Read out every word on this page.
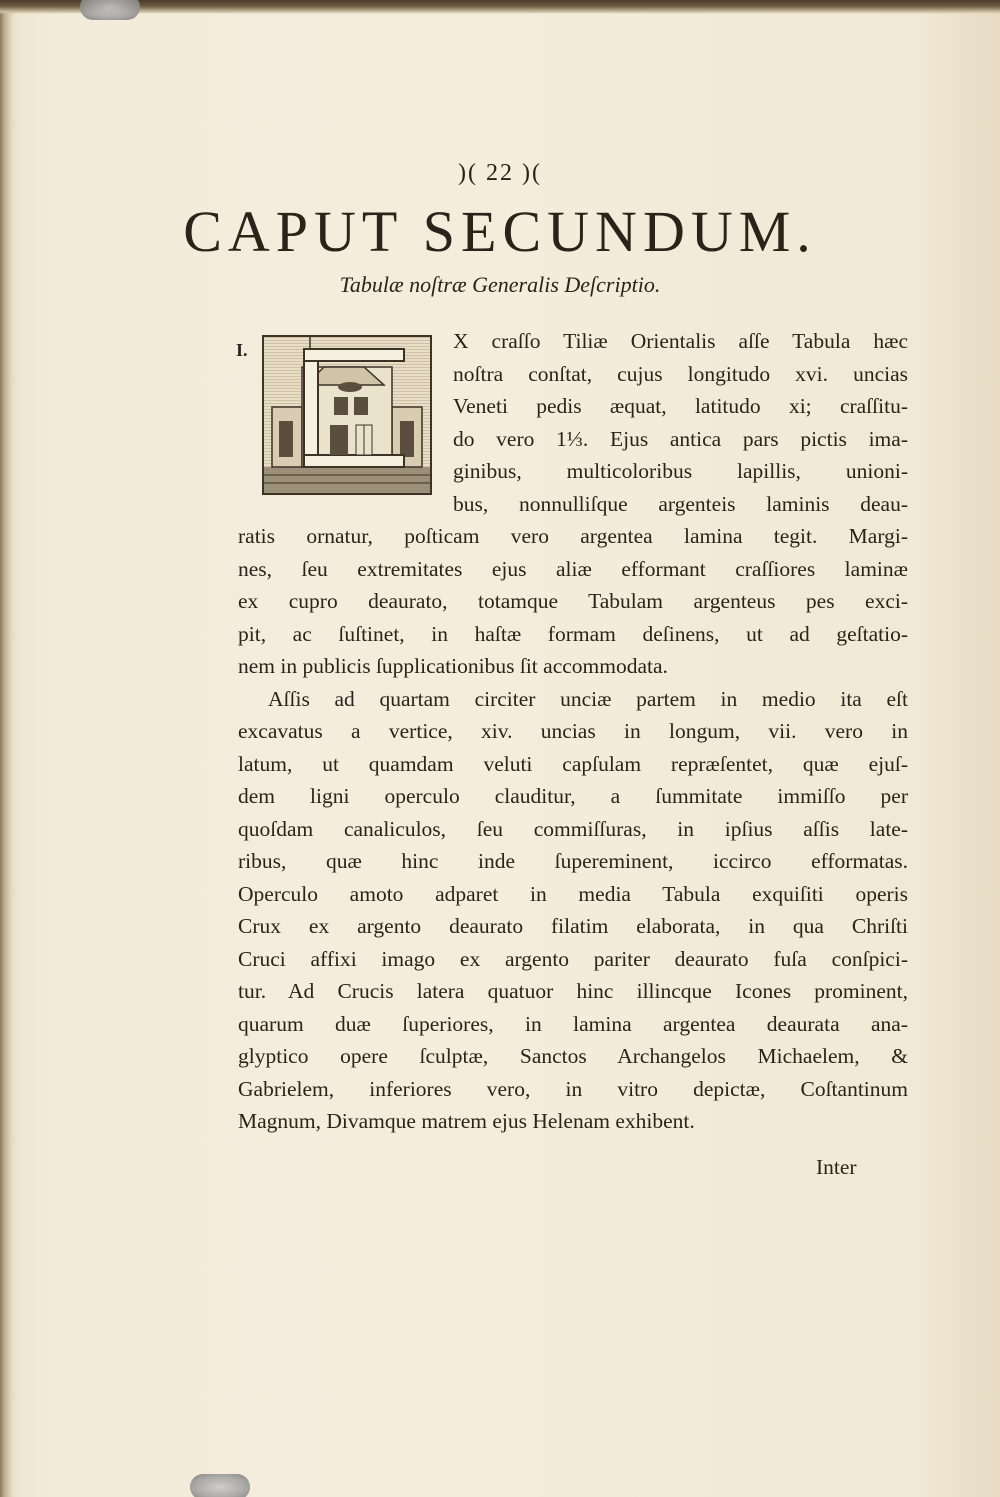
)( 22 )(
CAPUT SECUNDUM.
Tabulæ noſtræ Generalis Deſcriptio.
I.	X craſſo Tiliæ Orientalis aſſe Tabula hæc
noſtra conſtat, cujus longitudo xvi. uncias
Veneti pedis æquat, latitudo xi; craſſitu-
do vero 1⅓. Ejus antica pars pictis ima-
ginibus, multicoloribus lapillis, unioni-
bus, nonnulliſque argenteis laminis deau-
ratis ornatur, poſticam vero argentea lamina tegit. Margi-
nes, ſeu extremitates ejus aliæ efformant craſſiores laminæ
ex cupro deaurato, totamque Tabulam argenteus pes exci-
pit, ac ſuſtinet, in haſtæ formam deſinens, ut ad geſtatio-
nem in publicis ſupplicationibus ſit accommodata.
Aſſis ad quartam circiter unciæ partem in medio ita eſt
excavatus a vertice, xiv. uncias in longum, vii. vero in
latum, ut quamdam veluti capſulam repræſentet, quæ ejuſ-
dem ligni operculo clauditur, a ſummitate immiſſo per
quoſdam canaliculos, ſeu commiſſuras, in ipſius aſſis late-
ribus, quæ hinc inde ſupereminent, iccirco efformatas.
Operculo amoto adparet in media Tabula exquiſiti operis
Crux ex argento deaurato filatim elaborata, in qua Chriſti
Cruci affixi imago ex argento pariter deaurato fuſa conſpici-
tur. Ad Crucis latera quatuor hinc illincque Icones prominent,
quarum duæ ſuperiores, in lamina argentea deaurata ana-
glyptico opere ſculptæ, Sanctos Archangelos Michaelem, &
Gabrielem, inferiores vero, in vitro depictæ, Coſtantinum
Magnum, Divamque matrem ejus Helenam exhibent.
Inter
